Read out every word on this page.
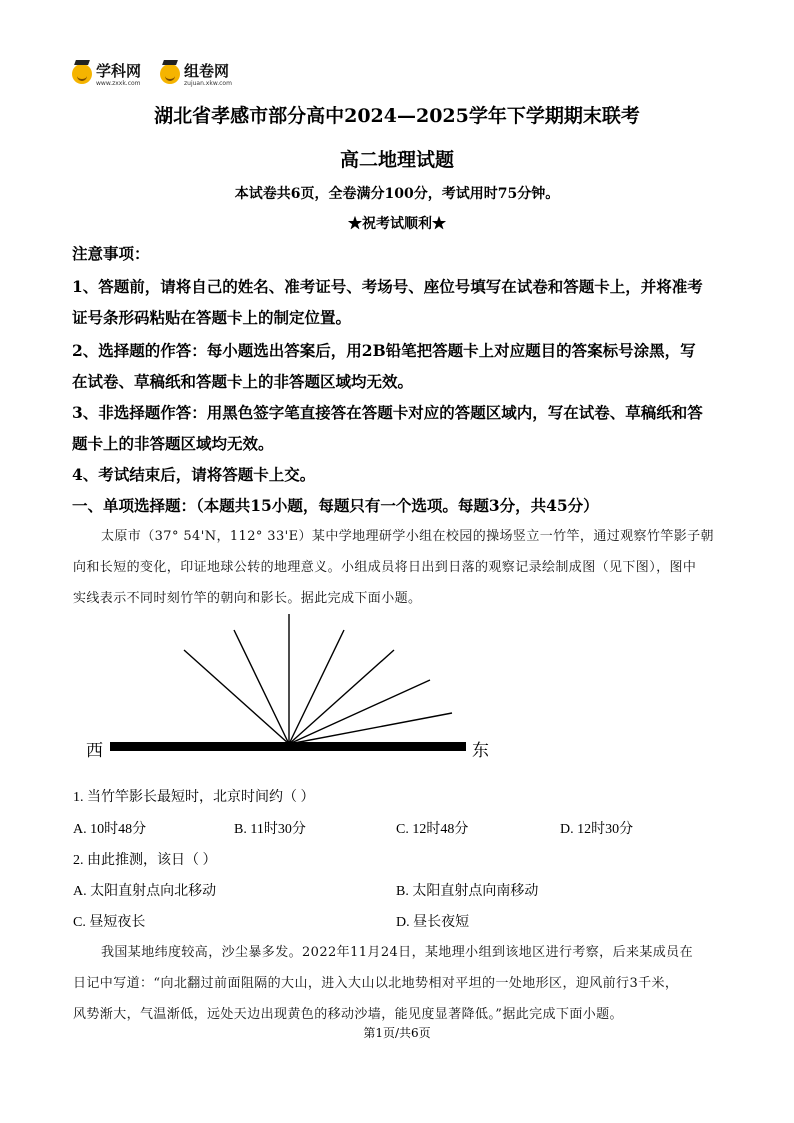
学科网
www.zxxk.com
组卷网
zujuan.xkw.com
湖北省孝感市部分高中2024—2025学年下学期期末联考
高二地理试题
本试卷共6页，全卷满分100分，考试用时75分钟。
★祝考试顺利★
注意事项：
1、答题前，请将自己的姓名、准考证号、考场号、座位号填写在试卷和答题卡上，并将准考
证号条形码粘贴在答题卡上的制定位置。
2、选择题的作答：每小题选出答案后，用2B铅笔把答题卡上对应题目的答案标号涂黑，写
在试卷、草稿纸和答题卡上的非答题区域均无效。
3、非选择题作答：用黑色签字笔直接答在答题卡对应的答题区域内，写在试卷、草稿纸和答
题卡上的非答题区域均无效。
4、考试结束后，请将答题卡上交。
一、单项选择题：（本题共15小题，每题只有一个选项。每题3分，共45分）
太原市（37° 54'N，112° 33'E）某中学地理研学小组在校园的操场竖立一竹竿，通过观察竹竿影子朝
向和长短的变化，印证地球公转的地理意义。小组成员将日出到日落的观察记录绘制成图（见下图），图中
实线表示不同时刻竹竿的朝向和影长。据此完成下面小题。
西	东
1. 当竹竿影长最短时，北京时间约（ ）
A. 10时48分	B. 11时30分	C. 12时48分	D. 12时30分
2. 由此推测，该日（ ）
A. 太阳直射点向北移动	B. 太阳直射点向南移动
C. 昼短夜长	D. 昼长夜短
我国某地纬度较高，沙尘暴多发。2022年11月24日，某地理小组到该地区进行考察，后来某成员在
日记中写道：“向北翻过前面阻隔的大山，进入大山以北地势相对平坦的一处地形区，迎风前行3千米，
风势渐大，气温渐低，远处天边出现黄色的移动沙墙，能见度显著降低。”据此完成下面小题。
第1页/共6页
